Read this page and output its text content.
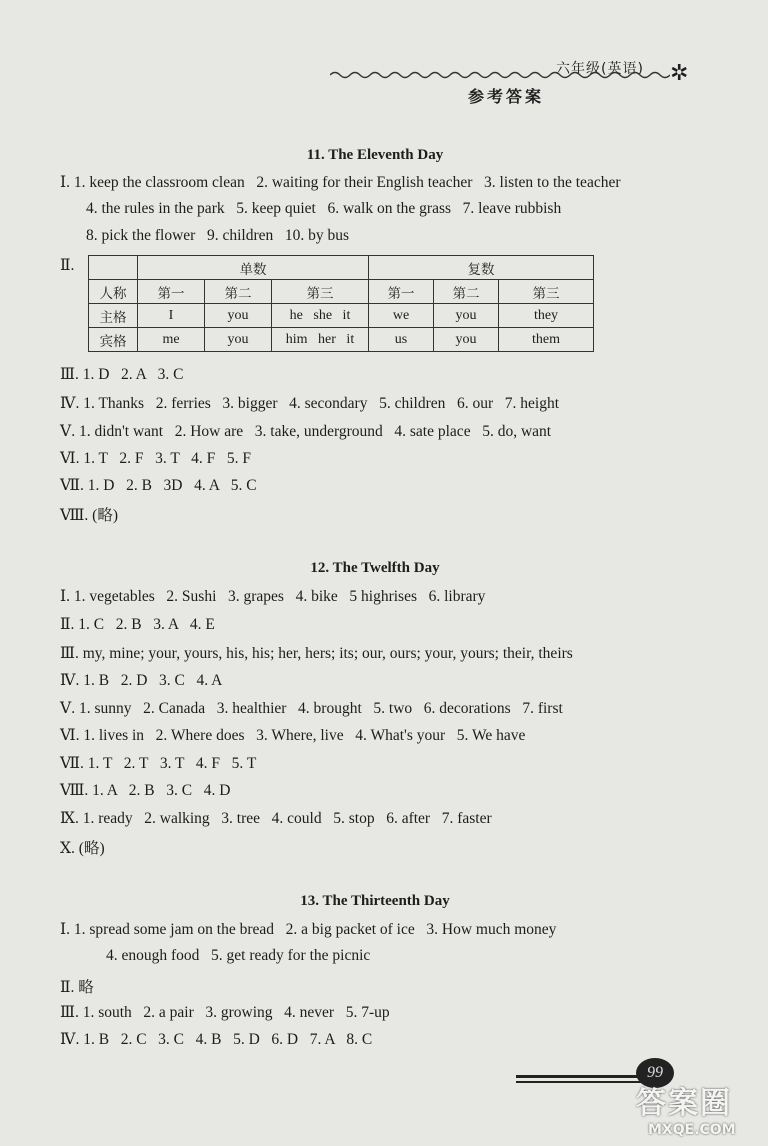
六年级(英语) ✲
参考答案
11. The Eleventh Day
Ⅰ. 1. keep the classroom clean   2. waiting for their English teacher   3. listen to the teacher
4. the rules in the park   5. keep quiet   6. walk on the grass   7. leave rubbish
8. pick the flower   9. children   10. by bus
Ⅱ.
		单数			复数		
人称	第一	第二	第三	第一	第二	第三
主格	I	you	he   she   it	we	you	they
宾格	me	you	him   her   it	us	you	them
Ⅲ. 1. D   2. A   3. C
Ⅳ. 1. Thanks   2. ferries   3. bigger   4. secondary   5. children   6. our   7. height
Ⅴ. 1. didn't want   2. How are   3. take, underground   4. sate place   5. do, want
Ⅵ. 1. T   2. F   3. T   4. F   5. F
Ⅶ. 1. D   2. B   3D   4. A   5. C
Ⅷ. (略)
12. The Twelfth Day
Ⅰ. 1. vegetables   2. Sushi   3. grapes   4. bike   5 highrises   6. library
Ⅱ. 1. C   2. B   3. A   4. E
Ⅲ. my, mine; your, yours, his, his; her, hers; its; our, ours; your, yours; their, theirs
Ⅳ. 1. B   2. D   3. C   4. A
Ⅴ. 1. sunny   2. Canada   3. healthier   4. brought   5. two   6. decorations   7. first
Ⅵ. 1. lives in   2. Where does   3. Where, live   4. What's your   5. We have
Ⅶ. 1. T   2. T   3. T   4. F   5. T
Ⅷ. 1. A   2. B   3. C   4. D
Ⅸ. 1. ready   2. walking   3. tree   4. could   5. stop   6. after   7. faster
Ⅹ. (略)
13. The Thirteenth Day
Ⅰ. 1. spread some jam on the bread   2. a big packet of ice   3. How much money
4. enough food   5. get ready for the picnic
Ⅱ. 略
Ⅲ. 1. south   2. a pair   3. growing   4. never   5. 7-up
Ⅳ. 1. B   2. C   3. C   4. B   5. D   6. D   7. A   8. C
99
答案圈
MXQE.COM
